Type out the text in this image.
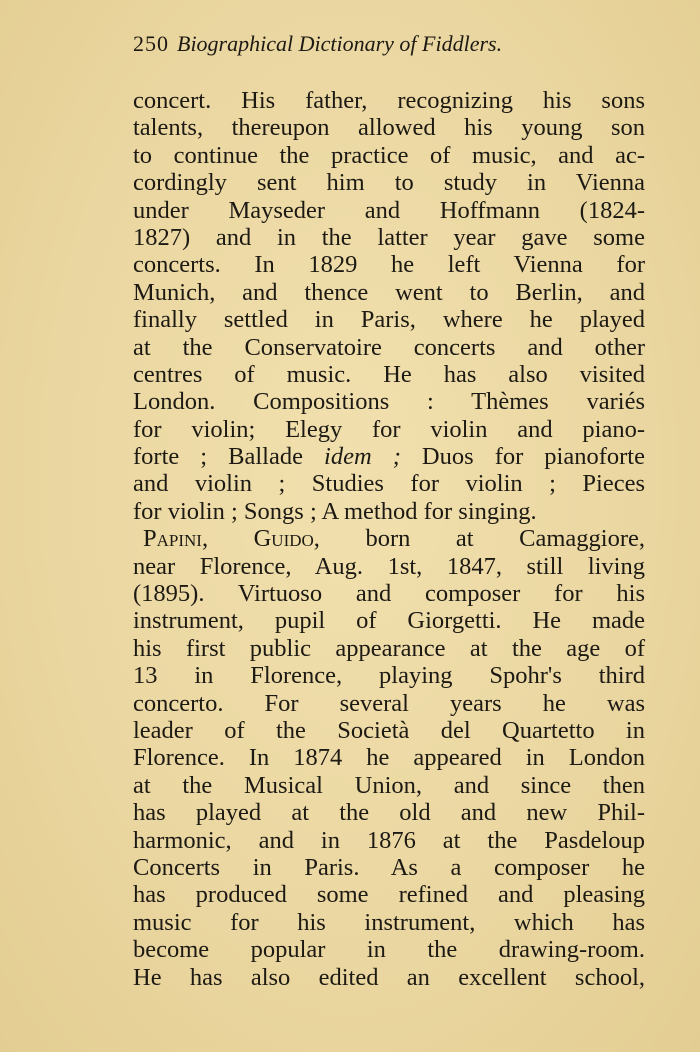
250 Biographical Dictionary of Fiddlers.
concert. His father, recognizing his sons
talents, thereupon allowed his young son
to continue the practice of music, and ac-
cordingly sent him to study in Vienna
under Mayseder and Hoffmann (1824-
1827) and in the latter year gave some
concerts. In 1829 he left Vienna for
Munich, and thence went to Berlin, and
finally settled in Paris, where he played
at the Conservatoire concerts and other
centres of music. He has also visited
London. Compositions : Thèmes variés
for violin; Elegy for violin and piano-
forte ; Ballade idem ; Duos for pianoforte
and violin ; Studies for violin ; Pieces
for violin ; Songs ; A method for singing.
Papini, Guido, born at Camaggiore,
near Florence, Aug. 1st, 1847, still living
(1895). Virtuoso and composer for his
instrument, pupil of Giorgetti. He made
his first public appearance at the age of
13 in Florence, playing Spohr's third
concerto. For several years he was
leader of the Società del Quartetto in
Florence. In 1874 he appeared in London
at the Musical Union, and since then
has played at the old and new Phil-
harmonic, and in 1876 at the Pasdeloup
Concerts in Paris. As a composer he
has produced some refined and pleasing
music for his instrument, which has
become popular in the drawing-room.
He has also edited an excellent school,
